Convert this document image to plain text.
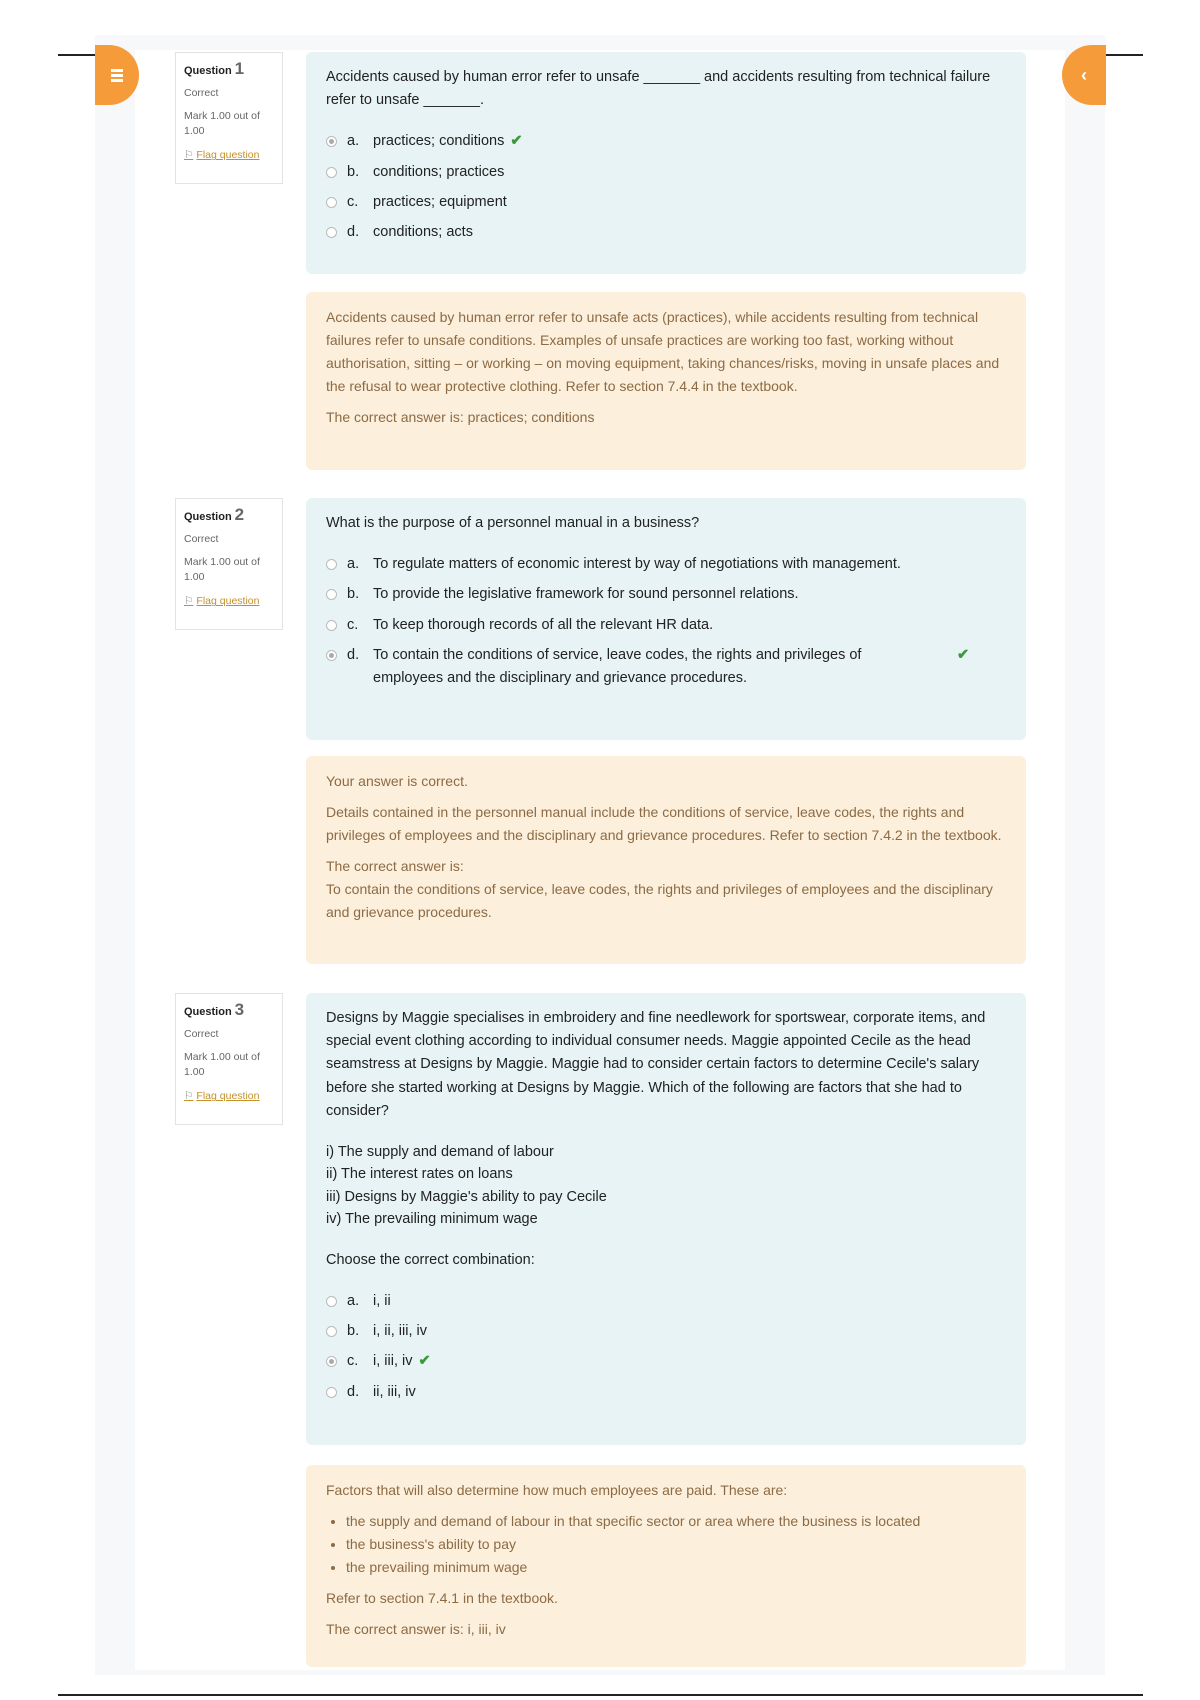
‹
Question 1
Correct
Mark 1.00 out of 1.00
⚐ Flag question
Accidents caused by human error refer to unsafe _______ and accidents resulting from technical failure refer to unsafe _______.
a. practices; conditions ✔
b. conditions; practices
c.	practices; equipment
d. conditions; acts

Accidents caused by human error refer to unsafe acts (practices), while accidents resulting from technical failures refer to unsafe conditions. Examples of unsafe practices are working too fast, working without authorisation, sitting – or working – on moving equipment, taking chances/risks, moving in unsafe places and the refusal to wear protective clothing. Refer to section 7.4.4 in the textbook.

The correct answer is: practices; conditions

Question 2
Correct
Mark 1.00 out of 1.00
⚐ Flag question
What is the purpose of a personnel manual in a business?
a. To regulate matters of economic interest by way of negotiations with management.
b. To provide the legislative framework for sound personnel relations.
c.	To keep thorough records of all the relevant HR data.
d. To contain the conditions of service, leave codes, the rights and privileges of employees and the disciplinary and grievance procedures.
✔

Your answer is correct.

Details contained in the personnel manual include the conditions of service, leave codes, the rights and privileges of employees and the disciplinary and grievance procedures. Refer to section 7.4.2 in the textbook.

The correct answer is:
To contain the conditions of service, leave codes, the rights and privileges of employees and the disciplinary and grievance procedures.
Question 3
Correct
Mark 1.00 out of 1.00
⚐ Flag question
Designs by Maggie specialises in embroidery and fine needlework for sportswear, corporate items, and special event clothing according to individual consumer needs. Maggie appointed Cecile as the head seamstress at Designs by Maggie. Maggie had to consider certain factors to determine Cecile's salary before she started working at Designs by Maggie. Which of the following are factors that she had to consider?
i) The supply and demand of labour
ii) The interest rates on loans
iii) Designs by Maggie's ability to pay Cecile
iv) The prevailing minimum wage
Choose the correct combination:
a. i, ii
b. i, ii, iii, iv
c.	i, iii, iv ✔
d. ii, iii, iv

Factors that will also determine how much employees are paid. These are:

• the supply and demand of labour in that specific sector or area where the business is located
• the business's ability to pay
• the prevailing minimum wage

Refer to section 7.4.1 in the textbook.

The correct answer is: i, iii, iv
